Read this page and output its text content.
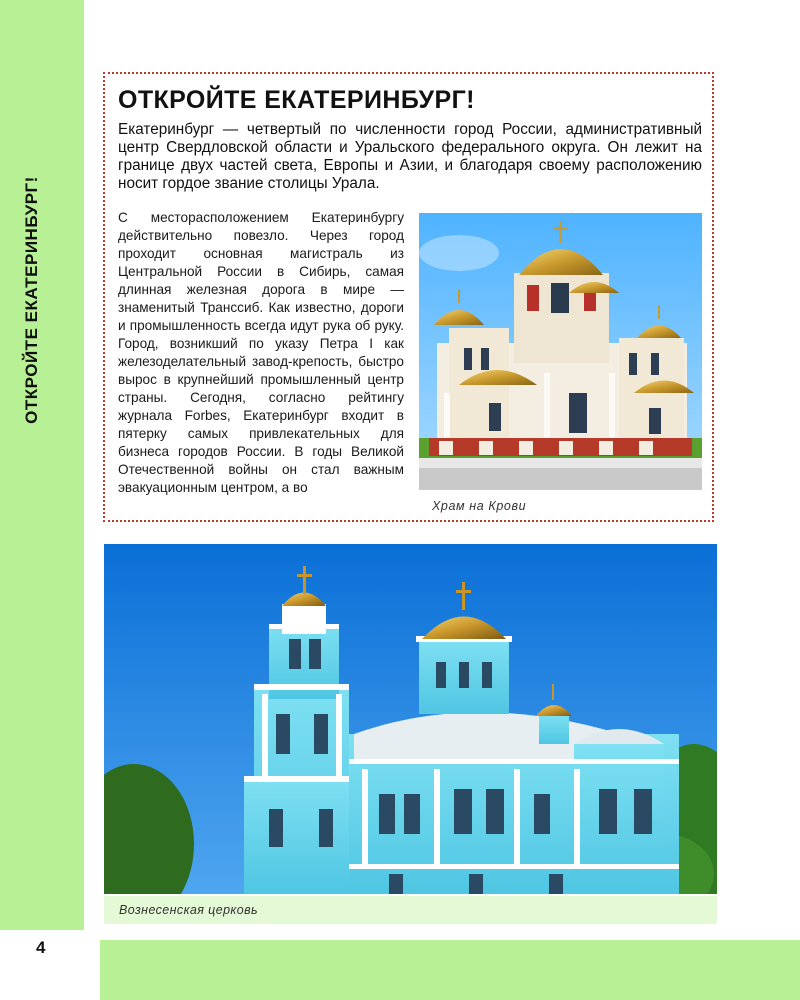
ОТКРОЙТЕ ЕКАТЕРИНБУРГ!
4
ОТКРОЙТЕ ЕКАТЕРИНБУРГ!
Екатеринбург — четвертый по численности город России, административный центр Свердловской области и Уральского федерального округа. Он лежит на границе двух частей света, Европы и Азии, и благодаря своему расположению носит гордое звание столицы Урала.
С месторасположением Екатеринбургу действительно повезло. Через город проходит основная магистраль из Центральной России в Сибирь, самая длинная железная дорога в мире — знаменитый Транссиб. Как известно, дороги и промышленность всегда идут рука об руку. Город, возникший по указу Петра I как железоделательный завод-крепость, быстро вырос в крупнейший промышленный центр страны. Сегодня, согласно рейтингу журнала Forbes, Екатеринбург входит в пятерку самых привлекательных для бизнеса городов России. В годы Великой Отечественной войны он стал важным эвакуационным центром, а во
Храм на Крови
Вознесенская церковь
